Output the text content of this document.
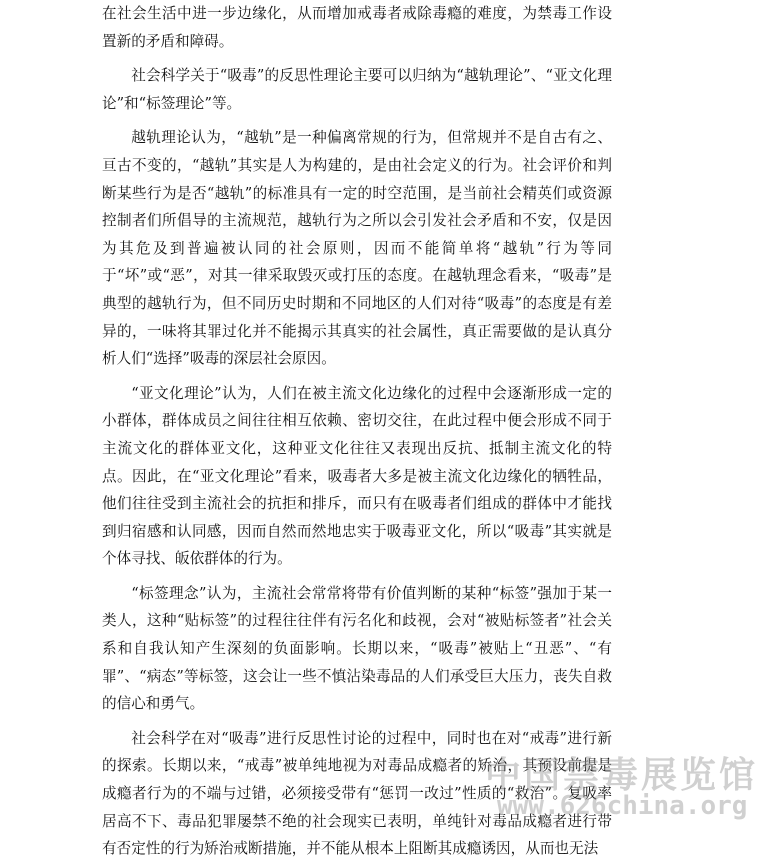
在社会生活中进一步边缘化，从而增加戒毒者戒除毒瘾的难度，为禁毒工作设置新的矛盾和障碍。

社会科学关于“吸毒”的反思性理论主要可以归纳为“越轨理论”、“亚文化理论”和“标签理论”等。

越轨理论认为，“越轨”是一种偏离常规的行为，但常规并不是自古有之、亘古不变的，“越轨”其实是人为构建的，是由社会定义的行为。社会评价和判断某些行为是否“越轨”的标准具有一定的时空范围，是当前社会精英们或资源控制者们所倡导的主流规范，越轨行为之所以会引发社会矛盾和不安，仅是因为其危及到普遍被认同的社会原则，因而不能简单将“越轨”行为等同于“坏”或“恶”，对其一律采取毁灭或打压的态度。在越轨理念看来，“吸毒”是典型的越轨行为，但不同历史时期和不同地区的人们对待“吸毒”的态度是有差异的，一味将其罪过化并不能揭示其真实的社会属性，真正需要做的是认真分析人们“选择”吸毒的深层社会原因。

“亚文化理论”认为，人们在被主流文化边缘化的过程中会逐渐形成一定的小群体，群体成员之间往往相互依赖、密切交往，在此过程中便会形成不同于主流文化的群体亚文化，这种亚文化往往又表现出反抗、抵制主流文化的特点。因此，在“亚文化理论”看来，吸毒者大多是被主流文化边缘化的牺牲品，他们往往受到主流社会的抗拒和排斥，而只有在吸毒者们组成的群体中才能找到归宿感和认同感，因而自然而然地忠实于吸毒亚文化，所以“吸毒”其实就是个体寻找、皈依群体的行为。

“标签理念”认为，主流社会常常将带有价值判断的某种“标签”强加于某一类人，这种“贴标签”的过程往往伴有污名化和歧视，会对“被贴标签者”社会关系和自我认知产生深刻的负面影响。长期以来，“吸毒”被贴上“丑恶”、“有罪”、“病态”等标签，这会让一些不慎沾染毒品的人们承受巨大压力，丧失自救的信心和勇气。

社会科学在对“吸毒”进行反思性讨论的过程中，同时也在对“戒毒”进行新的探索。长期以来，“戒毒”被单纯地视为对毒品成瘾者的矫治，其预设前提是成瘾者行为的不端与过错，必须接受带有“惩罚一改过”性质的“救治”。复吸率居高不下、毒品犯罪屡禁不绝的社会现实已表明，单纯针对毒品成瘾者进行带有否定性的行为矫治戒断措施，并不能从根本上阻断其成瘾诱因，从而也无法

中国禁毒展览馆
www.626china.org
